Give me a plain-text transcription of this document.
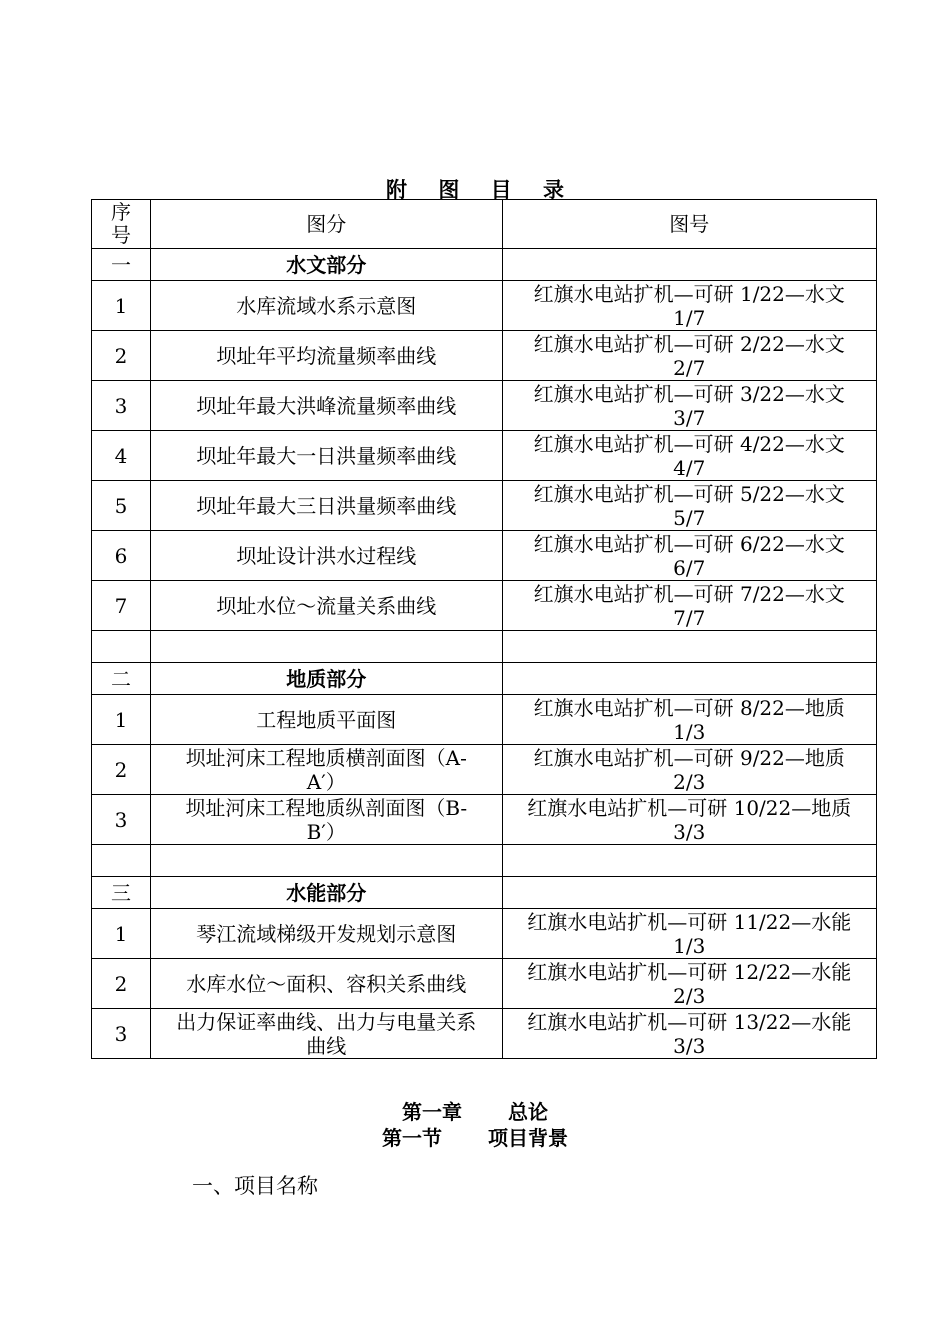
附 图 目 录
序号	图分	图号
一	水文部分	
1	水库流域水系示意图	红旗水电站扩机—可研 1/22—水文 1/7

2	坝址年平均流量频率曲线	红旗水电站扩机—可研 2/22—水文 2/7

3	坝址年最大洪峰流量频率曲线	红旗水电站扩机—可研 3/22—水文 3/7

4	坝址年最大一日洪量频率曲线	红旗水电站扩机—可研 4/22—水文 4/7

5	坝址年最大三日洪量频率曲线	红旗水电站扩机—可研 5/22—水文 5/7

6	坝址设计洪水过程线	红旗水电站扩机—可研 6/22—水文 6/7

7	坝址水位～流量关系曲线	红旗水电站扩机—可研 7/22—水文 7/7

二	地质部分	
1	工程地质平面图	红旗水电站扩机—可研 8/22—地质 1/3

2	坝址河床工程地质横剖面图（A-A′）	红旗水电站扩机—可研 9/22—地质 2/3

3	坝址河床工程地质纵剖面图（B-B′）	红旗水电站扩机—可研 10/22—地质 3/3

三	水能部分	
1	琴江流域梯级开发规划示意图	红旗水电站扩机—可研 11/22—水能 1/3

2	水库水位～面积、容积关系曲线	红旗水电站扩机—可研 12/22—水能 2/3

3	出力保证率曲线、出力与电量关系曲线	红旗水电站扩机—可研 13/22—水能 3/3
第一章 总论
第一节 项目背景
一、项目名称
